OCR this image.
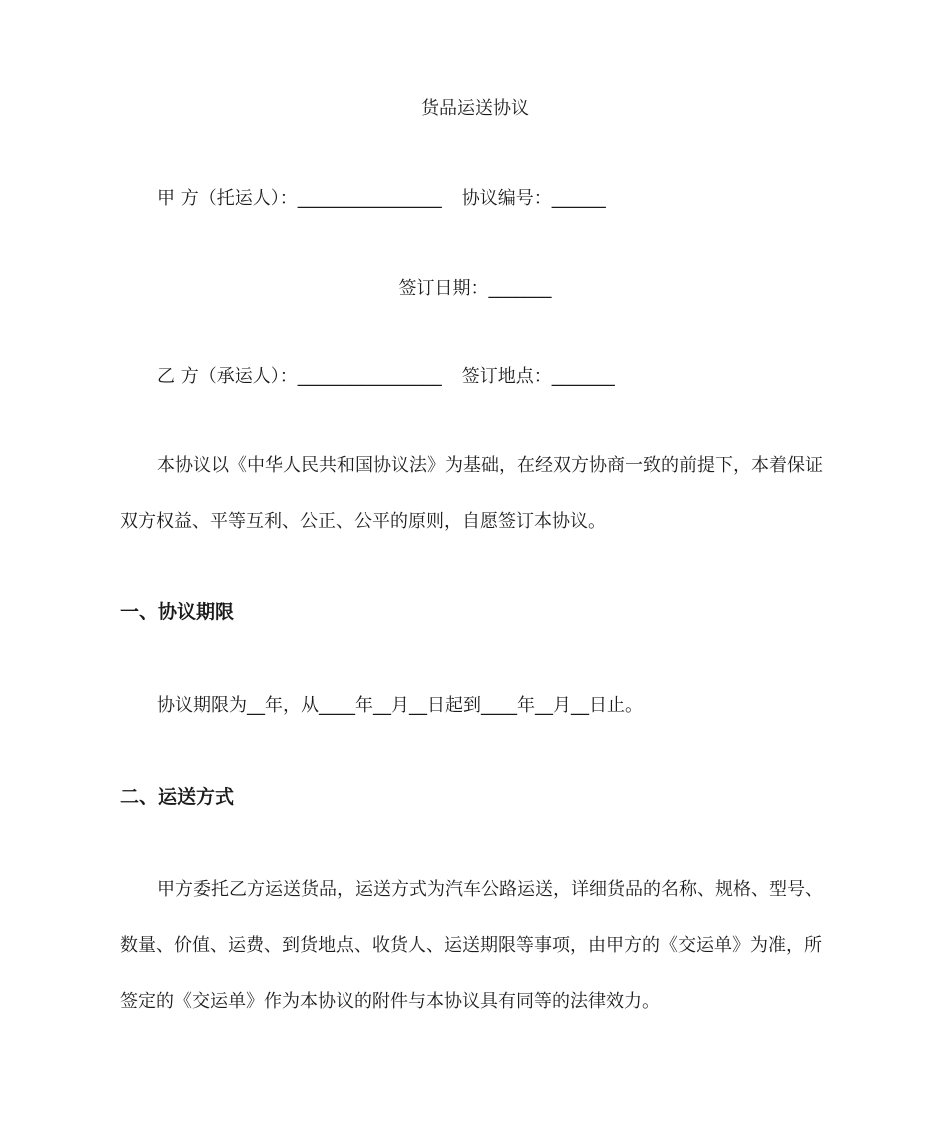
货品运送协议
甲 方（托运人）：________________ 协议编号：______
签订日期：_______
乙 方（承运人）：________________ 签订地点：_______
本协议以《中华人民共和国协议法》为基础，在经双方协商一致的前提下，本着保证
双方权益、平等互利、公正、公平的原则，自愿签订本协议。
一、协议期限
协议期限为__年，从____年__月__日起到____年__月__日止。
二、运送方式
甲方委托乙方运送货品，运送方式为汽车公路运送，详细货品的名称、规格、型号、
数量、价值、运费、到货地点、收货人、运送期限等事项，由甲方的《交运单》为准，所
签定的《交运单》作为本协议的附件与本协议具有同等的法律效力。
